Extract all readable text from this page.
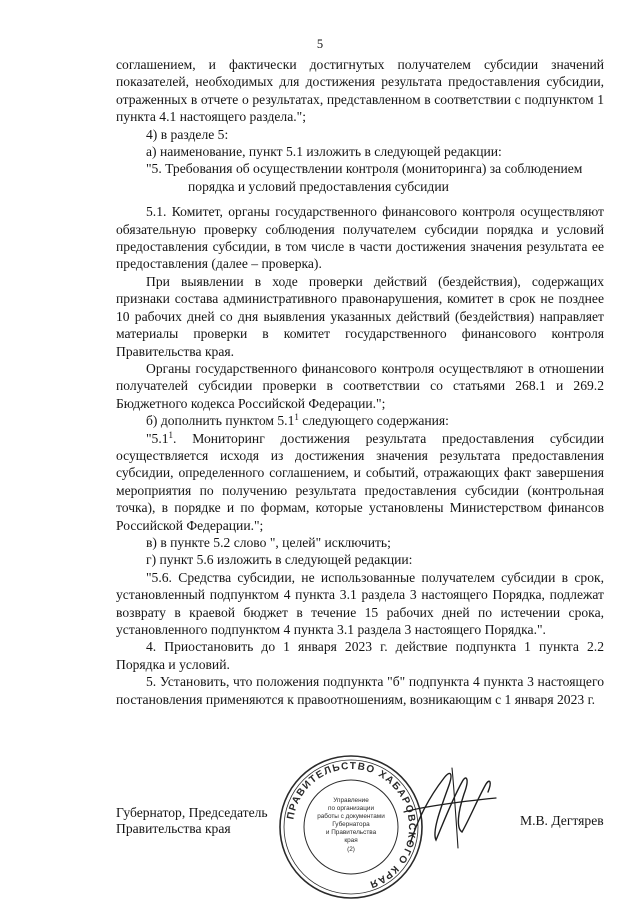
5

соглашением, и фактически достигнутых получателем субсидии значений показателей, необходимых для достижения результата предоставления субсидии, отраженных в отчете о результатах, представленном в соответствии с подпунктом 1 пункта 4.1 настоящего раздела.";

4) в разделе 5:

а) наименование, пункт 5.1 изложить в следующей редакции:

"5. Требования об осуществлении контроля (мониторинга) за соблюдением
порядка и условий предоставления субсидии

5.1. Комитет, органы государственного финансового контроля осуществляют обязательную проверку соблюдения получателем субсидии порядка и условий предоставления субсидии, в том числе в части достижения значения результата ее предоставления (далее – проверка).

При выявлении в ходе проверки действий (бездействия), содержащих признаки состава административного правонарушения, комитет в срок не позднее 10 рабочих дней со дня выявления указанных действий (бездействия) направляет материалы проверки в комитет государственного финансового контроля Правительства края.

Органы государственного финансового контроля осуществляют в отношении получателей субсидии проверки в соответствии со статьями 268.1 и 269.2 Бюджетного кодекса Российской Федерации.";

б) дополнить пунктом $5.1^1$ следующего содержания:

"$5.1^1$. Мониторинг достижения результата предоставления субсидии осуществляется исходя из достижения значения результата предоставления субсидии, определенного соглашением, и событий, отражающих факт завершения мероприятия по получению результата предоставления субсидии (контрольная точка), в порядке и по формам, которые установлены Министерством финансов Российской Федерации.";

в) в пункте 5.2 слово ", целей" исключить;

г) пункт 5.6 изложить в следующей редакции:

"5.6. Средства субсидии, не использованные получателем субсидии в срок, установленный подпунктом 4 пункта 3.1 раздела 3 настоящего Порядка, подлежат возврату в краевой бюджет в течение 15 рабочих дней по истечении срока, установленного подпунктом 4 пункта 3.1 раздела 3 настоящего Порядка.".

4. Приостановить до 1 января 2023 г. действие подпункта 1 пункта 2.2 Порядка и условий.

5. Установить, что положения подпункта "б" подпункта 4 пункта 3 настоящего постановления применяются к правоотношениям, возникающим с 1 января 2023 г.

ПРАВИТЕЛЬСТВО ХАБАРОВСКОГО КРАЯ
Управление
по организации
работы с документами
Губернатора
и Правительства
края
(2)
Губернатор, Председатель
Правительства края
М.В. Дегтярев
